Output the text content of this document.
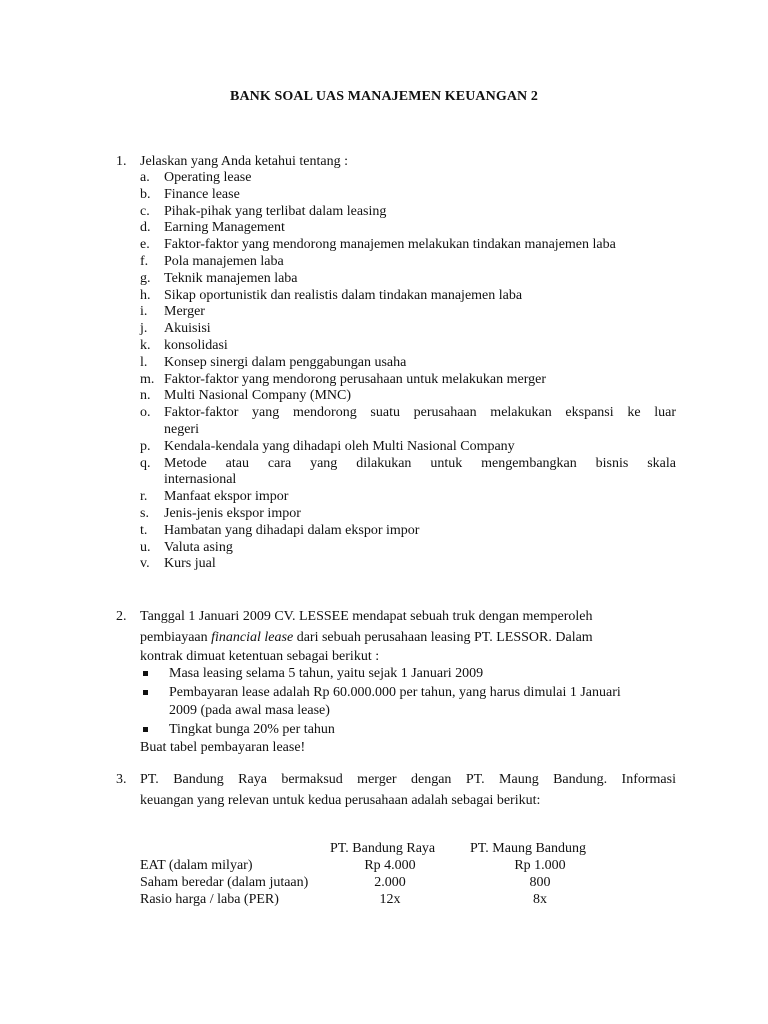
BANK SOAL UAS MANAJEMEN KEUANGAN 2
1. Jelaskan yang Anda ketahui tentang :
a. Operating lease
b. Finance lease
c. Pihak-pihak yang terlibat dalam leasing
d. Earning Management
e. Faktor-faktor yang mendorong manajemen melakukan tindakan manajemen laba
f. Pola manajemen laba
g. Teknik manajemen laba
h. Sikap oportunistik dan realistis dalam tindakan manajemen laba
i. Merger
j. Akuisisi
k. konsolidasi
l. Konsep sinergi dalam penggabungan usaha
m. Faktor-faktor yang mendorong perusahaan untuk melakukan merger
n. Multi Nasional Company (MNC)
o. Faktor-faktor yang mendorong suatu perusahaan melakukan ekspansi ke luar
negeri
p. Kendala-kendala yang dihadapi oleh Multi Nasional Company
q. Metode atau cara yang dilakukan untuk mengembangkan bisnis skala
internasional
r. Manfaat ekspor impor
s. Jenis-jenis ekspor impor
t. Hambatan yang dihadapi dalam ekspor impor
u. Valuta asing
v. Kurs jual
2. Tanggal 1 Januari 2009 CV. LESSEE mendapat sebuah truk dengan memperoleh
pembiayaan financial lease dari sebuah perusahaan leasing PT. LESSOR. Dalam
kontrak dimuat ketentuan sebagai berikut :
Masa leasing selama 5 tahun, yaitu sejak 1 Januari 2009
Pembayaran lease adalah Rp 60.000.000 per tahun, yang harus dimulai 1 Januari
2009 (pada awal masa lease)
Tingkat bunga 20% per tahun
Buat tabel pembayaran lease!
3. PT. Bandung Raya bermaksud merger dengan PT. Maung Bandung. Informasi
keuangan yang relevan untuk kedua perusahaan adalah sebagai berikut:
PT. Bandung Raya PT. Maung Bandung
EAT (dalam milyar)	Rp 4.000	Rp 1.000
Saham beredar (dalam jutaan)	2.000	800
Rasio harga / laba (PER)	12x	8x
